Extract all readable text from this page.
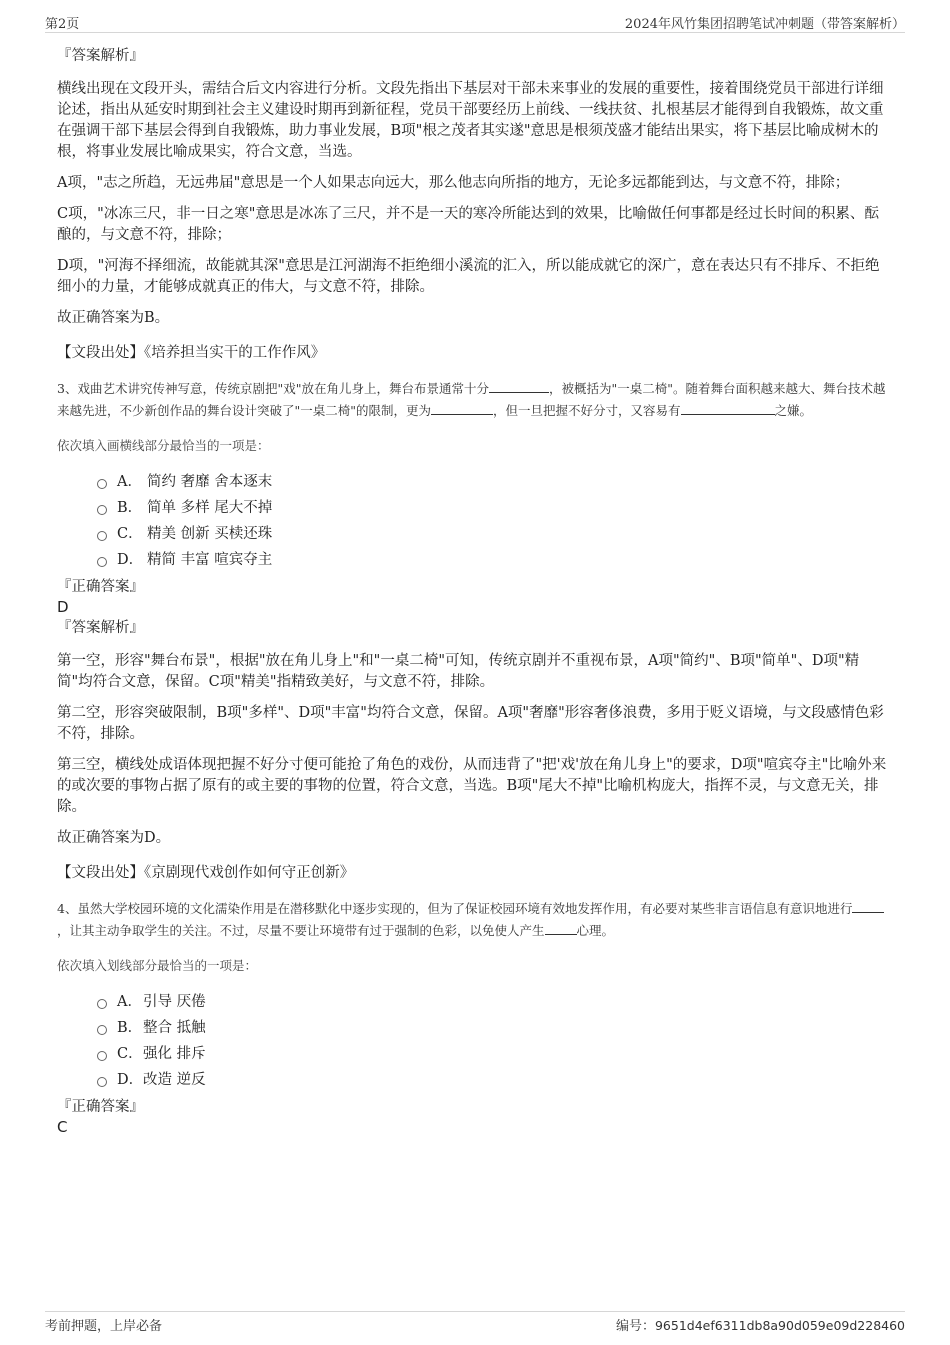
第2页	2024年风竹集团招聘笔试冲刺题（带答案解析）

『答案解析』

横线出现在文段开头，需结合后文内容进行分析。文段先指出下基层对干部未来事业的发展的重要性，接着围绕党员干部进行详细论述，指出从延安时期到社会主义建设时期再到新征程，党员干部要经历上前线、一线扶贫、扎根基层才能得到自我锻炼，故文重在强调干部下基层会得到自我锻炼，助力事业发展，B项"根之茂者其实遂"意思是根须茂盛才能结出果实，将下基层比喻成树木的根，将事业发展比喻成果实，符合文意，当选。

A项，"志之所趋，无远弗届"意思是一个人如果志向远大，那么他志向所指的地方，无论多远都能到达，与文意不符，排除；

C项，"冰冻三尺，非一日之寒"意思是冰冻了三尺，并不是一天的寒冷所能达到的效果，比喻做任何事都是经过长时间的积累、酝酿的，与文意不符，排除；

D项，"河海不择细流，故能就其深"意思是江河湖海不拒绝细小溪流的汇入，所以能成就它的深广，意在表达只有不排斥、不拒绝细小的力量，才能够成就真正的伟大，与文意不符，排除。

故正确答案为B。

【文段出处】《培养担当实干的工作作风》

3、戏曲艺术讲究传神写意，传统京剧把"戏"放在角儿身上，舞台布景通常十分	，被概括为"一桌二椅"。随着舞台面积越来越大、舞台技术越来越先进，不少新创作品的舞台设计突破了"一桌二椅"的限制，更为	，但一旦把握不好分寸，又容易有	之嫌。

依次填入画横线部分最恰当的一项是：

A． 简约 奢靡 舍本逐末
B． 简单 多样 尾大不掉
C． 精美 创新 买椟还珠
D． 精简 丰富 喧宾夺主

『正确答案』

D

『答案解析』

第一空，形容"舞台布景"，根据"放在角儿身上"和"一桌二椅"可知，传统京剧并不重视布景，A项"简约"、B项"简单"、D项"精简"均符合文意，保留。C项"精美"指精致美好，与文意不符，排除。

第二空，形容突破限制，B项"多样"、D项"丰富"均符合文意，保留。A项"奢靡"形容奢侈浪费，多用于贬义语境，与文段感情色彩不符，排除。

第三空，横线处成语体现把握不好分寸便可能抢了角色的戏份，从而违背了"把'戏'放在角儿身上"的要求，D项"喧宾夺主"比喻外来的或次要的事物占据了原有的或主要的事物的位置，符合文意，当选。B项"尾大不掉"比喻机构庞大，指挥不灵，与文意无关，排除。

故正确答案为D。

【文段出处】《京剧现代戏创作如何守正创新》

4、虽然大学校园环境的文化濡染作用是在潜移默化中逐步实现的，但为了保证校园环境有效地发挥作用，有必要对某些非言语信息有意识地进行，让其主动争取学生的关注。不过，尽量不要让环境带有过于强制的色彩，以免使人产生	心理。

依次填入划线部分最恰当的一项是：

A． 引导 厌倦
B． 整合 抵触
C． 强化 排斥
D． 改造 逆反

『正确答案』

C

考前押题，上岸必备	编号：9651d4ef6311db8a90d059e09d228460
